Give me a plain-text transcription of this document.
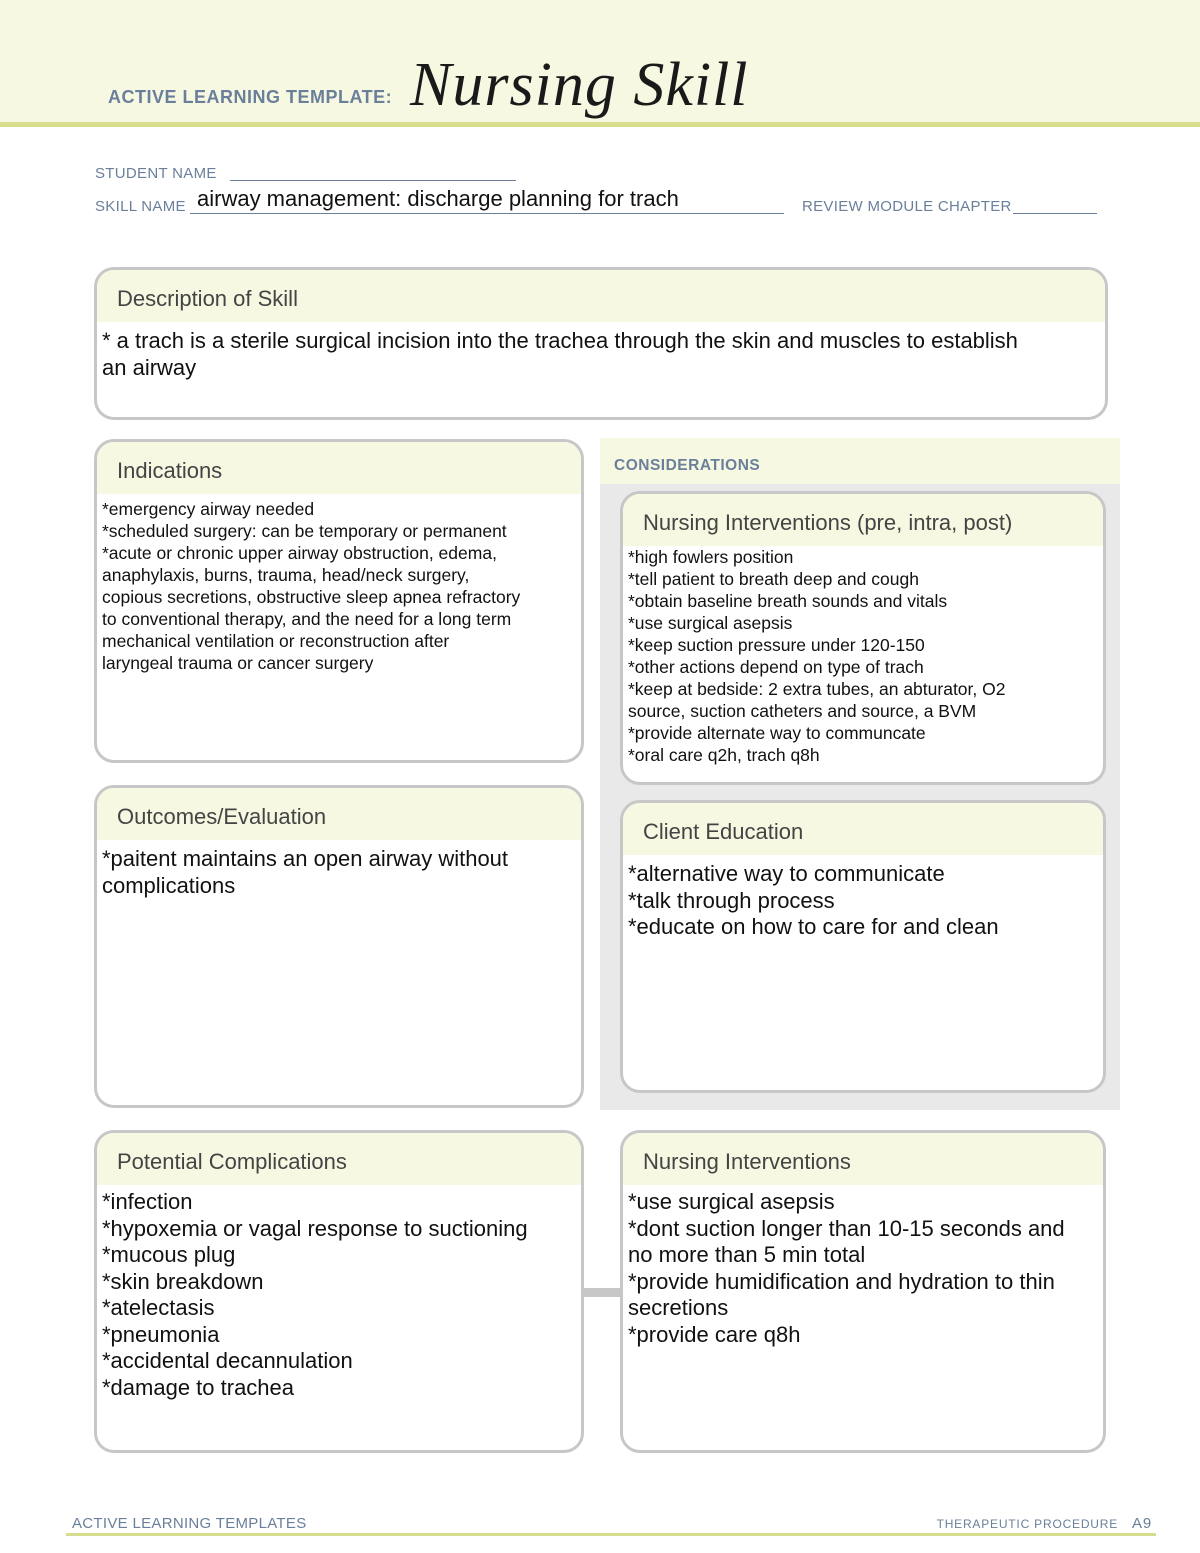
ACTIVE LEARNING TEMPLATE: Nursing Skill
STUDENT NAME
SKILL NAME airway management: discharge planning for trach	REVIEW MODULE CHAPTER
Description of Skill
* a trach is a sterile surgical incision into the trachea through the skin and muscles to establish
an airway
CONSIDERATIONS
Indications
*emergency airway needed
*scheduled surgery: can be temporary or permanent
*acute or chronic upper airway obstruction, edema,
anaphylaxis, burns, trauma, head/neck surgery,
copious secretions, obstructive sleep apnea refractory
to conventional therapy, and the need for a long term
mechanical ventilation or reconstruction after
laryngeal trauma or cancer surgery
Nursing Interventions (pre, intra, post)
*high fowlers position
*tell patient to breath deep and cough
*obtain baseline breath sounds and vitals
*use surgical asepsis
*keep suction pressure under 120-150
*other actions depend on type of trach
*keep at bedside: 2 extra tubes, an abturator, O2
source, suction catheters and source, a BVM
*provide alternate way to communcate
*oral care q2h, trach q8h
Outcomes/Evaluation
*paitent maintains an open airway without
complications
Client Education
*alternative way to communicate
*talk through process
*educate on how to care for and clean
Potential Complications
*infection
*hypoxemia or vagal response to suctioning
*mucous plug
*skin breakdown
*atelectasis
*pneumonia
*accidental decannulation
*damage to trachea
Nursing Interventions
*use surgical asepsis
*dont suction longer than 10-15 seconds and
no more than 5 min total
*provide humidification and hydration to thin
secretions
*provide care q8h
ACTIVE LEARNING TEMPLATES	THERAPEUTIC PROCEDURE A9
